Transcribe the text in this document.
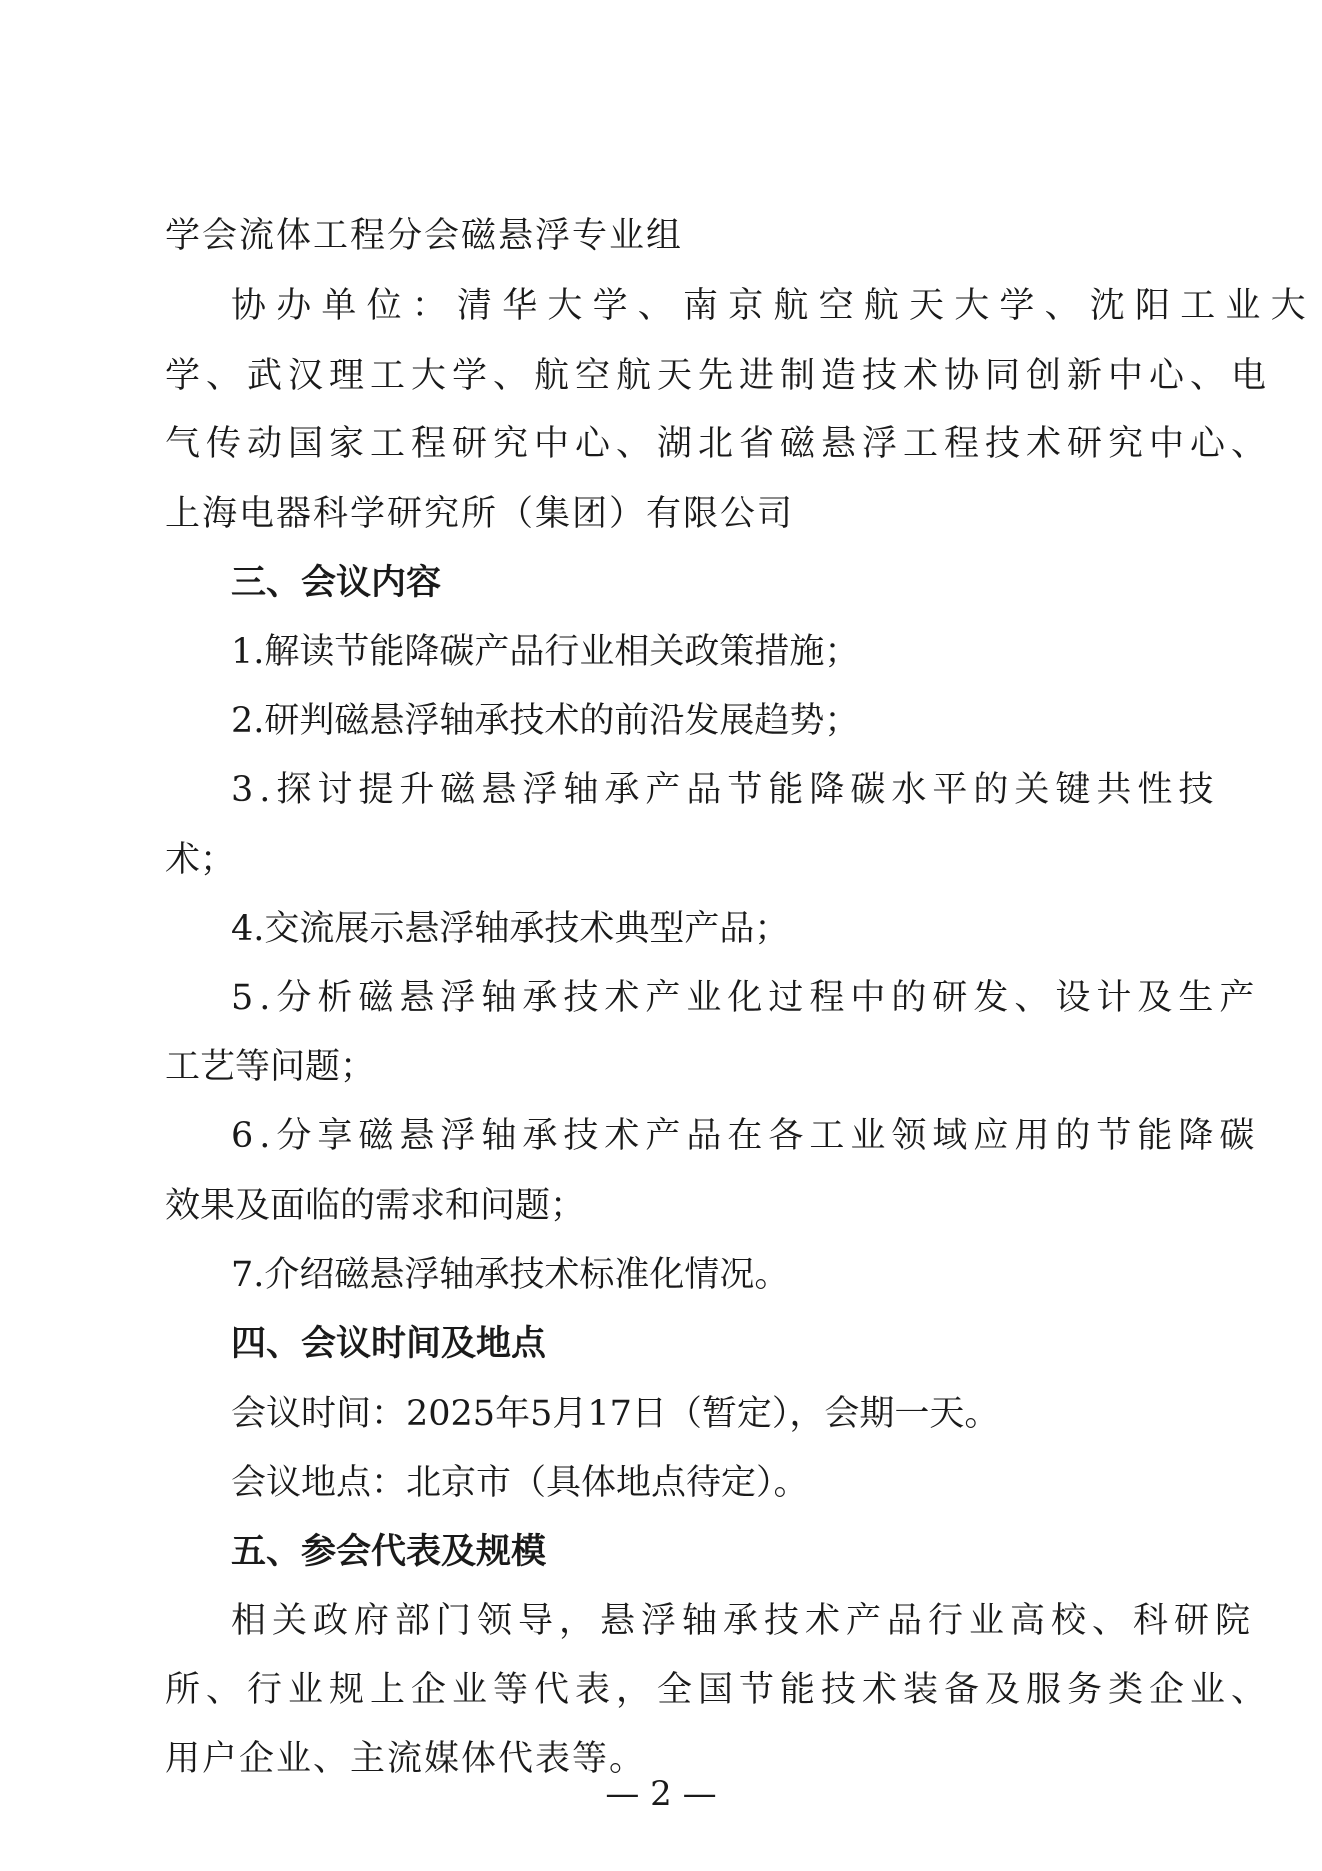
学会流体工程分会磁悬浮专业组
协办单位：清华大学、南京航空航天大学、沈阳工业大
学、武汉理工大学、航空航天先进制造技术协同创新中心、电
气传动国家工程研究中心、湖北省磁悬浮工程技术研究中心、
上海电器科学研究所（集团）有限公司
三、会议内容
1.解读节能降碳产品行业相关政策措施；
2.研判磁悬浮轴承技术的前沿发展趋势；
3.探讨提升磁悬浮轴承产品节能降碳水平的关键共性技
术；
4.交流展示悬浮轴承技术典型产品；
5.分析磁悬浮轴承技术产业化过程中的研发、设计及生产
工艺等问题；
6.分享磁悬浮轴承技术产品在各工业领域应用的节能降碳
效果及面临的需求和问题；
7.介绍磁悬浮轴承技术标准化情况。
四、会议时间及地点
会议时间：2025年5月17日（暂定），会期一天。
会议地点：北京市（具体地点待定）。
五、参会代表及规模
相关政府部门领导，悬浮轴承技术产品行业高校、科研院
所、行业规上企业等代表，全国节能技术装备及服务类企业、
用户企业、主流媒体代表等。
— 2 —
